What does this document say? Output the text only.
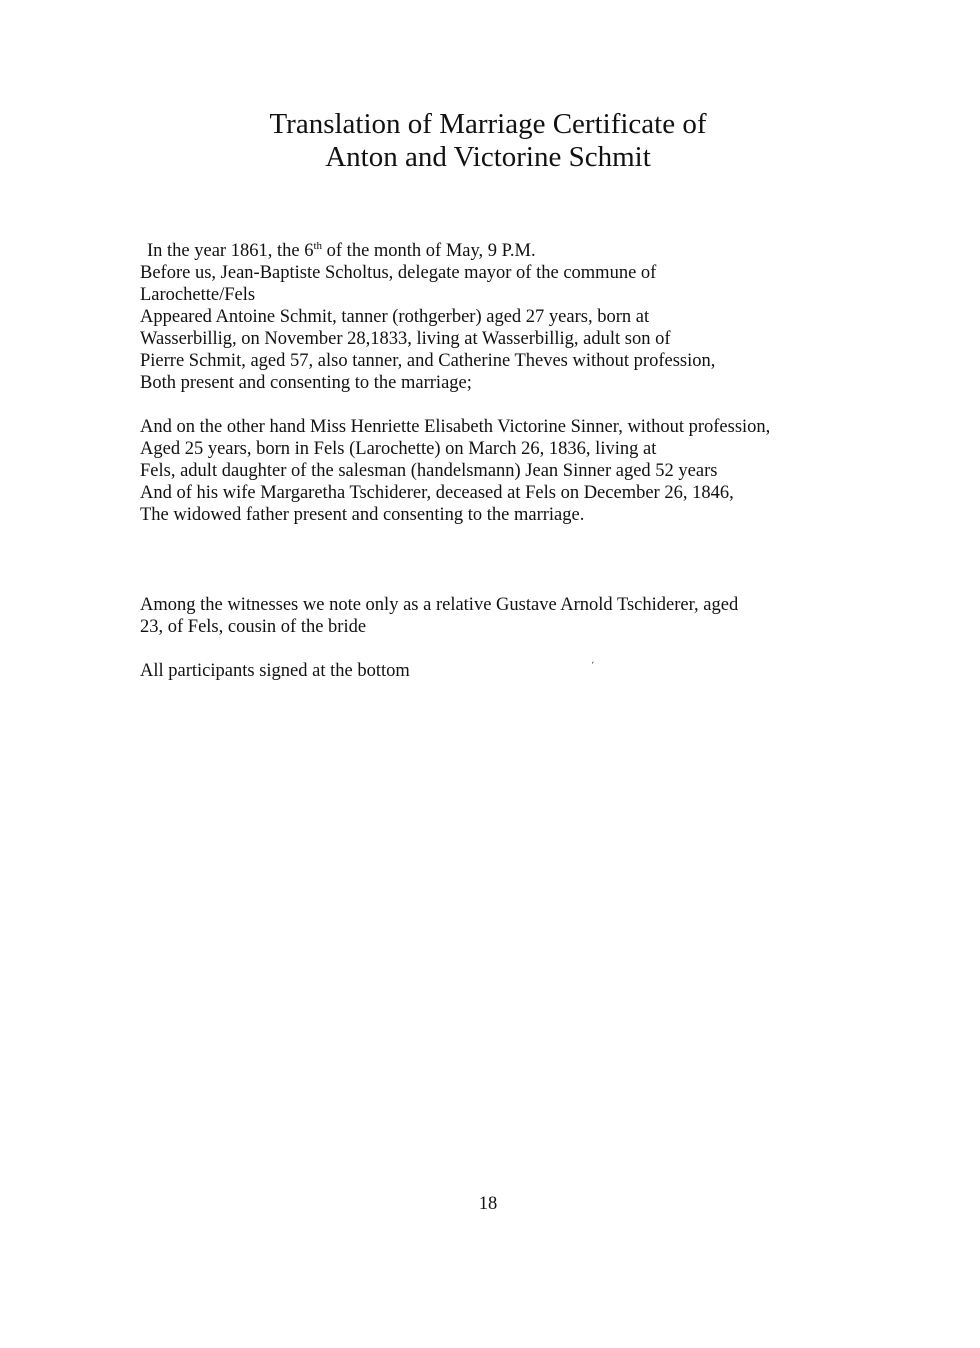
Translation of Marriage Certificate of
Anton and Victorine Schmit
In the year 1861, the 6th of the month of May, 9 P.M.
Before us, Jean-Baptiste Scholtus, delegate mayor of the commune of
Larochette/Fels
Appeared Antoine Schmit, tanner (rothgerber) aged 27 years, born at
Wasserbillig, on November 28,1833, living at Wasserbillig, adult son of
Pierre Schmit, aged 57, also tanner, and Catherine Theves without profession,
Both present and consenting to the marriage;
And on the other hand Miss Henriette Elisabeth Victorine Sinner, without profession,
Aged 25 years, born in Fels (Larochette) on March 26, 1836, living at
Fels, adult daughter of the salesman (handelsmann) Jean Sinner aged 52 years
And of his wife Margaretha Tschiderer, deceased at Fels on December 26, 1846,
The widowed father present and consenting to the marriage.
Among the witnesses we note only as a relative Gustave Arnold Tschiderer, aged
23, of Fels, cousin of the bride
All participants signed at the bottom	´
18
